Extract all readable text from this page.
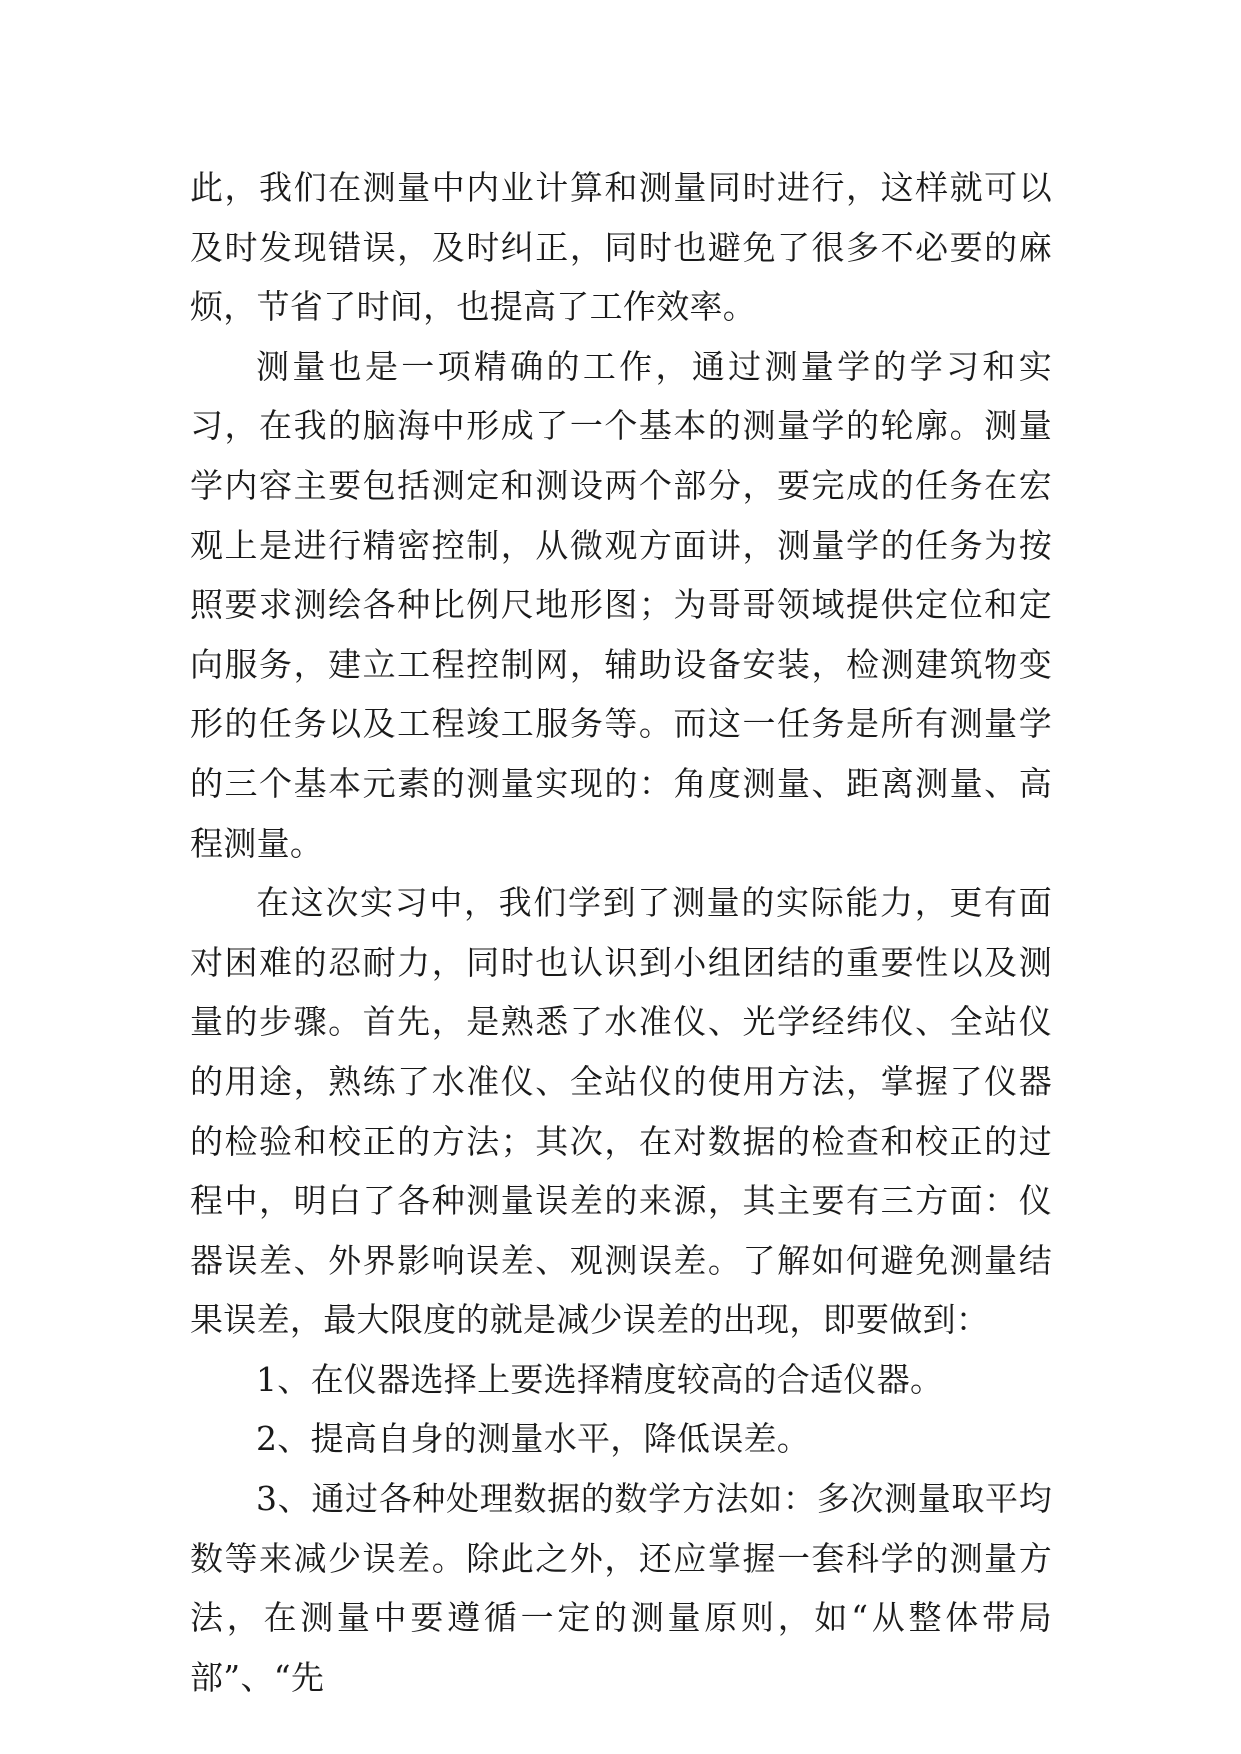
此，我们在测量中内业计算和测量同时进行，这样就可以及时发现错误，及时纠正，同时也避免了很多不必要的麻烦，节省了时间，也提高了工作效率。

测量也是一项精确的工作，通过测量学的学习和实习，在我的脑海中形成了一个基本的测量学的轮廓。测量学内容主要包括测定和测设两个部分，要完成的任务在宏观上是进行精密控制，从微观方面讲，测量学的任务为按照要求测绘各种比例尺地形图；为哥哥领域提供定位和定向服务，建立工程控制网，辅助设备安装，检测建筑物变形的任务以及工程竣工服务等。而这一任务是所有测量学的三个基本元素的测量实现的：角度测量、距离测量、高程测量。

在这次实习中，我们学到了测量的实际能力，更有面对困难的忍耐力，同时也认识到小组团结的重要性以及测量的步骤。首先，是熟悉了水准仪、光学经纬仪、全站仪的用途，熟练了水准仪、全站仪的使用方法，掌握了仪器的检验和校正的方法；其次，在对数据的检查和校正的过程中，明白了各种测量误差的来源，其主要有三方面：仪器误差、外界影响误差、观测误差。了解如何避免测量结果误差，最大限度的就是减少误差的出现，即要做到：

1、在仪器选择上要选择精度较高的合适仪器。

2、提高自身的测量水平，降低误差。

3、通过各种处理数据的数学方法如：多次测量取平均数等来减少误差。除此之外，还应掌握一套科学的测量方法，在测量中要遵循一定的测量原则，如“从整体带局部”、“先
